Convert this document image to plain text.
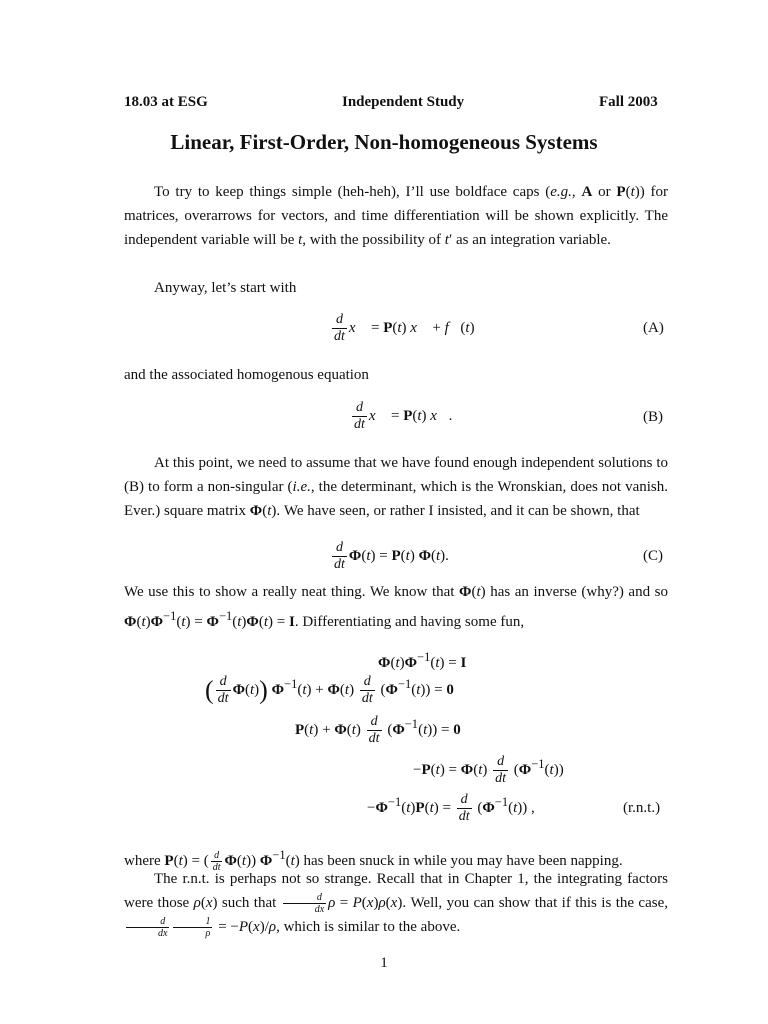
18.03 at ESG	Independent Study	Fall 2003
Linear, First-Order, Non-homogeneous Systems
To try to keep things simple (heh-heh), I’ll use boldface caps (e.g., A or P(t)) for matrices, overarrows for vectors, and time differentiation will be shown explicitly. The independent variable will be t, with the possibility of t′ as an integration variable.
Anyway, let’s start with
$\frac{d}{dt}$ x⃗ = P(t) x⃗ + f⃗(t)	(A)
and the associated homogenous equation
$\frac{d}{dt}$ x⃗ = P(t) x⃗.	(B)
At this point, we need to assume that we have found enough independent solutions to (B) to form a non-singular (i.e., the determinant, which is the Wronskian, does not vanish. Ever.) square matrix Φ(t). We have seen, or rather I insisted, and it can be shown, that
$\frac{d}{dt} \Phi(t) = P(t)$ Φ(t).	(C)
We use this to show a really neat thing. We know that Φ(t) has an inverse (why?) and so $\Phi(t)\Phi^{-1}(t) = \Phi^{-1}(t)\Phi(t) = I$. Differentiating and having some fun,
$\Phi(t)\Phi^{-1}(t) = I$
( $\frac{d}{dt} \Phi(t)$) $\Phi^{-1}(t) + \Phi(t) \frac{d}{dt} (\Phi^{-1}(t)) = 0$
$P(t) + \Phi(t) \frac{d}{dt} (\Phi^{-1}(t)) = 0$
$-P(t) = \Phi(t) \frac{d}{dt} (\Phi^{-1}(t))$
$-\Phi^{-1}(t)P(t) = \frac{d}{dt} (\Phi^{-1}(t))$ ,	(r.n.t.)
where P(t) = ( $\frac{d}{dt} \Phi(t)$) $\Phi^{-1}(t)$ has been snuck in while you may have been napping.
The r.n.t. is perhaps not so strange. Recall that in Chapter 1, the integrating factors were those ρ(x) such that $\frac{d}{dx}$ ρ = P(x)ρ(x). Well, you can show that if this is the case,
$\frac{d}{dx} \frac{1}{\rho} = -P(x)/\rho$, which is similar to the above.
1
